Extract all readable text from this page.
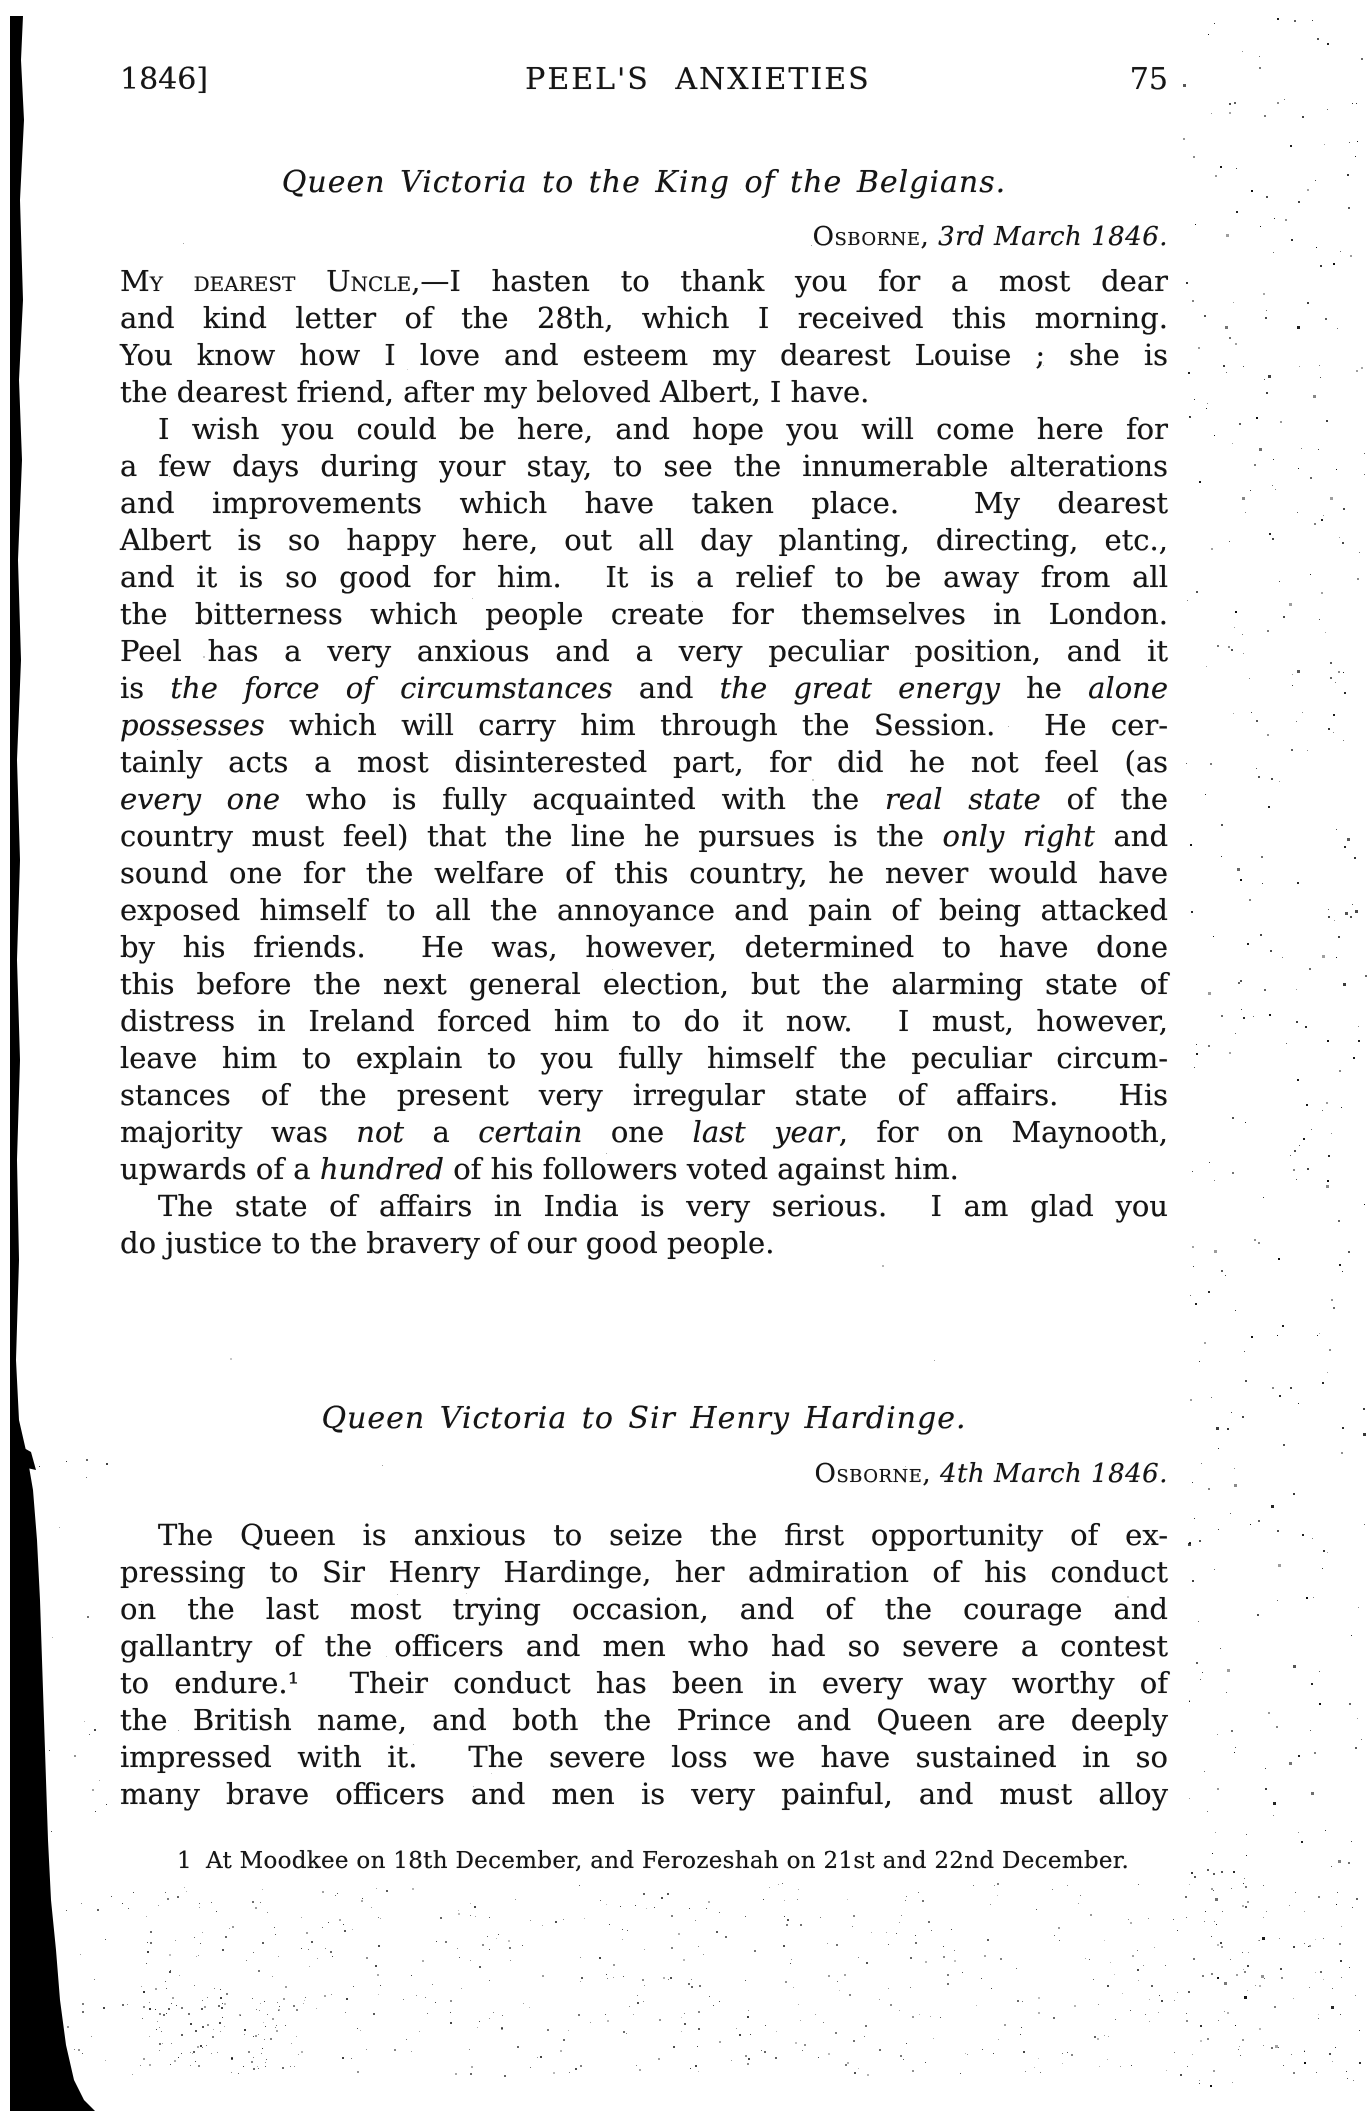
1846]	PEEL'S ANXIETIES	75
Queen Victoria to the King of the Belgians.
Osborne, 3rd March 1846.
My dearest Uncle,—I hasten to thank you for a most dear
and kind letter of the 28th, which I received this morning.
You know how I love and esteem my dearest Louise ; she is
the dearest friend, after my beloved Albert, I have.
I wish you could be here, and hope you will come here for
a few days during your stay, to see the innumerable alterations
and improvements which have taken place.  My dearest
Albert is so happy here, out all day planting, directing, etc.,
and it is so good for him.  It is a relief to be away from all
the bitterness which people create for themselves in London.
Peel has a very anxious and a very peculiar position, and it
is the force of circumstances and the great energy he alone
possesses which will carry him through the Session.  He cer-
tainly acts a most disinterested part, for did he not feel (as
every one who is fully acquainted with the real state of the
country must feel) that the line he pursues is the only right and
sound one for the welfare of this country, he never would have
exposed himself to all the annoyance and pain of being attacked
by his friends.  He was, however, determined to have done
this before the next general election, but the alarming state of
distress in Ireland forced him to do it now.  I must, however,
leave him to explain to you fully himself the peculiar circum-
stances of the present very irregular state of affairs.  His
majority was not a certain one last year, for on Maynooth,
upwards of a hundred of his followers voted against him.
The state of affairs in India is very serious.  I am glad you
do justice to the bravery of our good people.
Queen Victoria to Sir Henry Hardinge.
Osborne, 4th March 1846.
The Queen is anxious to seize the first opportunity of ex-
pressing to Sir Henry Hardinge, her admiration of his conduct
on the last most trying occasion, and of the courage and
gallantry of the officers and men who had so severe a contest
to endure.¹  Their conduct has been in every way worthy of
the British name, and both the Prince and Queen are deeply
impressed with it.  The severe loss we have sustained in so
many brave officers and men is very painful, and must alloy
1 At Moodkee on 18th December, and Ferozeshah on 21st and 22nd December.
